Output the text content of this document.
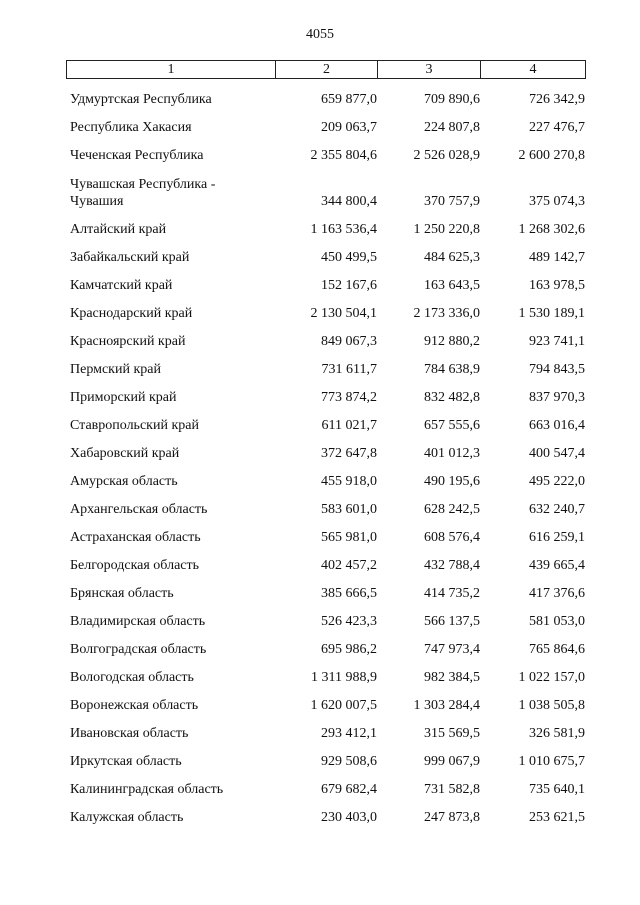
4055
1	2	3	4
Удмуртская Республика	659 877,0	709 890,6	726 342,9
Республика Хакасия	209 063,7	224 807,8	227 476,7
Чеченская Республика	2 355 804,6	2 526 028,9	2 600 270,8
Чувашская Республика -
Чувашия	344 800,4	370 757,9	375 074,3
Алтайский край	1 163 536,4	1 250 220,8	1 268 302,6
Забайкальский край	450 499,5	484 625,3	489 142,7
Камчатский край	152 167,6	163 643,5	163 978,5
Краснодарский край	2 130 504,1	2 173 336,0	1 530 189,1
Красноярский край	849 067,3	912 880,2	923 741,1
Пермский край	731 611,7	784 638,9	794 843,5
Приморский край	773 874,2	832 482,8	837 970,3
Ставропольский край	611 021,7	657 555,6	663 016,4
Хабаровский край	372 647,8	401 012,3	400 547,4
Амурская область	455 918,0	490 195,6	495 222,0
Архангельская область	583 601,0	628 242,5	632 240,7
Астраханская область	565 981,0	608 576,4	616 259,1
Белгородская область	402 457,2	432 788,4	439 665,4
Брянская область	385 666,5	414 735,2	417 376,6
Владимирская область	526 423,3	566 137,5	581 053,0
Волгоградская область	695 986,2	747 973,4	765 864,6
Вологодская область	1 311 988,9	982 384,5	1 022 157,0
Воронежская область	1 620 007,5	1 303 284,4	1 038 505,8
Ивановская область	293 412,1	315 569,5	326 581,9
Иркутская область	929 508,6	999 067,9	1 010 675,7
Калининградская область	679 682,4	731 582,8	735 640,1
Калужская область	230 403,0	247 873,8	253 621,5
